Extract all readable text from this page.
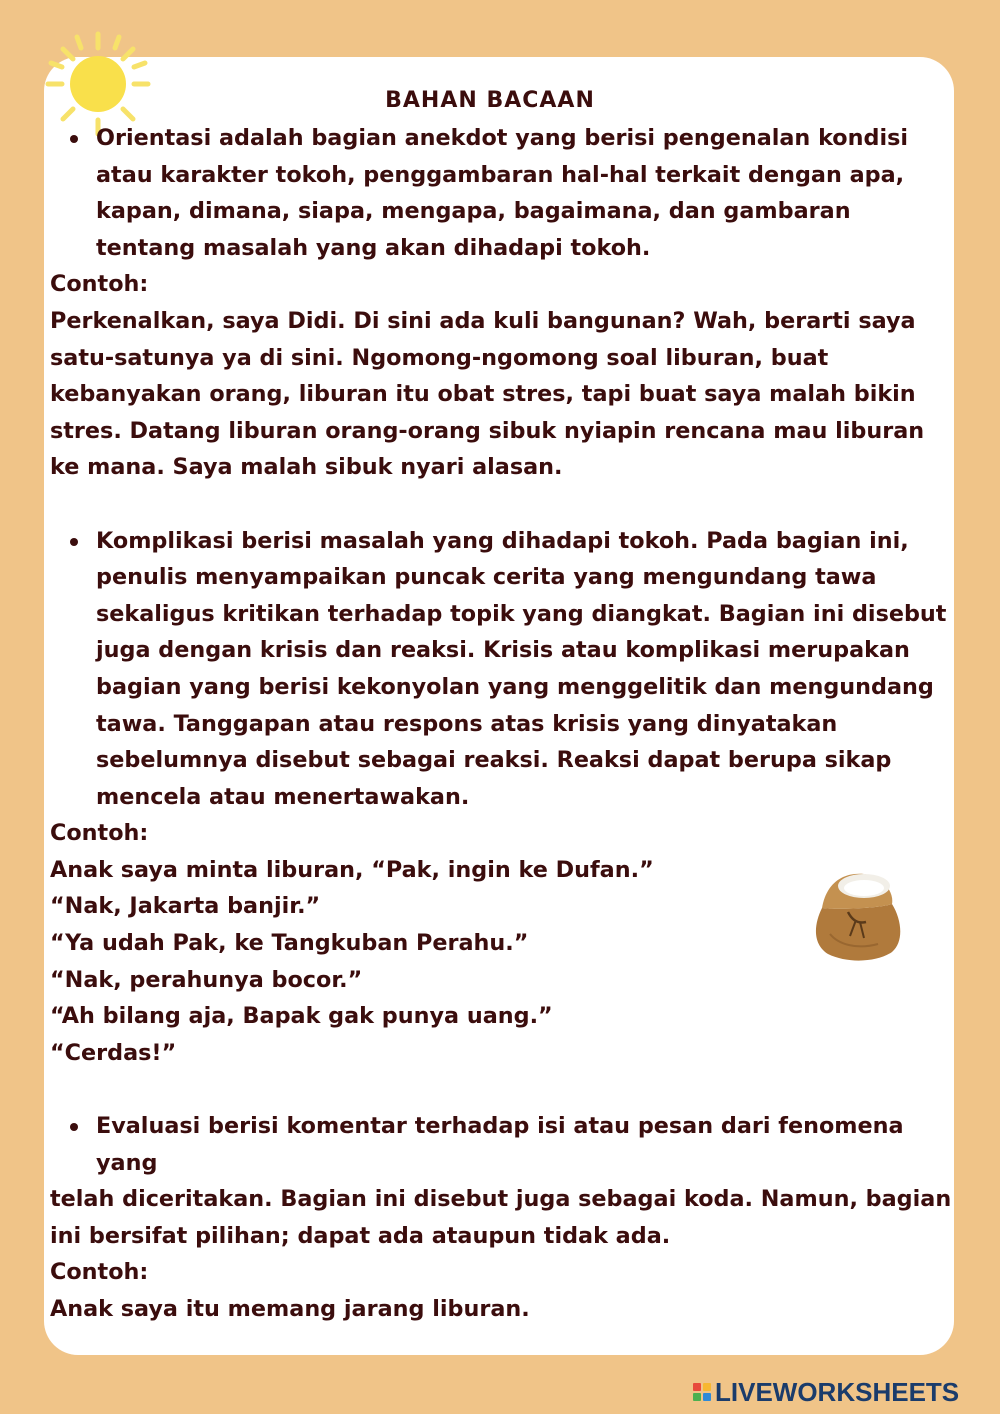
BAHAN BACAAN
Orientasi adalah bagian anekdot yang berisi pengenalan kondisi atau karakter tokoh, penggambaran hal-hal terkait dengan apa, kapan, dimana, siapa, mengapa, bagaimana, dan gambaran tentang masalah yang akan dihadapi tokoh.

Contoh:

Perkenalkan, saya Didi. Di sini ada kuli bangunan? Wah, berarti saya satu-satunya ya di sini. Ngomong-ngomong soal liburan, buat kebanyakan orang, liburan itu obat stres, tapi buat saya malah bikin stres. Datang liburan orang-orang sibuk nyiapin rencana mau liburan ke mana. Saya malah sibuk nyari alasan.

Komplikasi berisi masalah yang dihadapi tokoh. Pada bagian ini, penulis menyampaikan puncak cerita yang mengundang tawa sekaligus kritikan terhadap topik yang diangkat. Bagian ini disebut juga dengan krisis dan reaksi. Krisis atau komplikasi merupakan bagian yang berisi kekonyolan yang menggelitik dan mengundang tawa. Tanggapan atau respons atas krisis yang dinyatakan sebelumnya disebut sebagai reaksi. Reaksi dapat berupa sikap mencela atau menertawakan.

Contoh:

Anak saya minta liburan, “Pak, ingin ke Dufan.”

“Nak, Jakarta banjir.”

“Ya udah Pak, ke Tangkuban Perahu.”

“Nak, perahunya bocor.”

“Ah bilang aja, Bapak gak punya uang.”

“Cerdas!”

Evaluasi berisi komentar terhadap isi atau pesan dari fenomena yang

telah diceritakan. Bagian ini disebut juga sebagai koda. Namun, bagian ini bersifat pilihan; dapat ada ataupun tidak ada.

Contoh:

Anak saya itu memang jarang liburan.

LIVEWORKSHEETS
